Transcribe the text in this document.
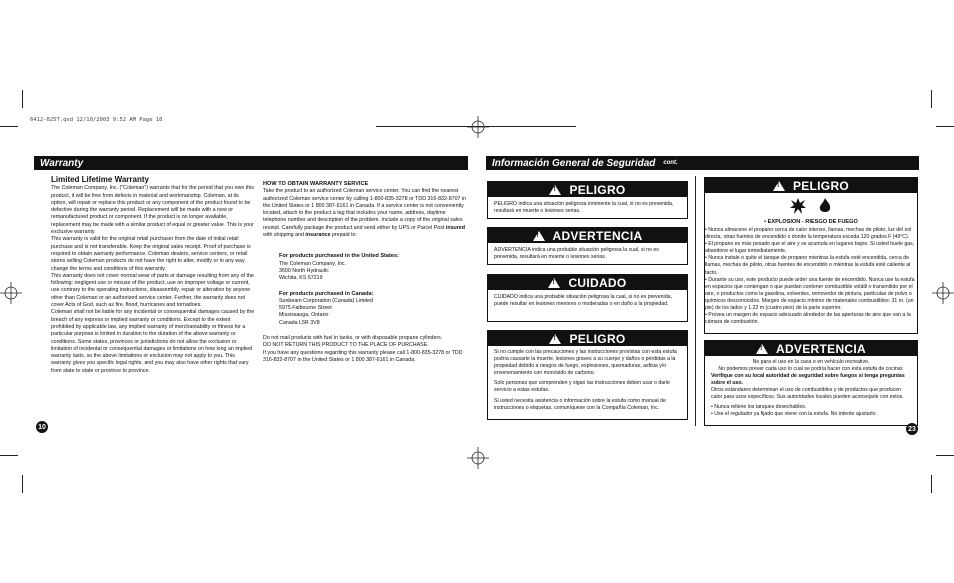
6412-025T.qxd 12/10/2003 9:52 AM Page 10
Warranty
Limited Lifetime Warranty

The Coleman Company, Inc. ("Coleman") warrants that for the period that you own this product, it will be free from defects in material and workmanship. Coleman, at its option, will repair or replace this product or any component of the product found to be defective during the warranty period. Replacement will be made with a new or remanufactured product or component. If the product is no longer available, replacement may be made with a similar product of equal or greater value. This is your exclusive warranty.

This warranty is valid for the original retail purchaser from the date of initial retail purchase and is not transferable. Keep the original sales receipt. Proof of purchase is required to obtain warranty performance. Coleman dealers, service centers, or retail stores selling Coleman products do not have the right to alter, modify or in any way change the terms and conditions of this warranty.

This warranty does not cover normal wear of parts or damage resulting from any of the following: negligent use or misuse of the product, use on improper voltage or current, use contrary to the operating instructions, disassembly, repair or alteration by anyone other than Coleman or an authorized service center. Further, the warranty does not cover Acts of God, such as fire, flood, hurricanes and tornadoes.

Coleman shall not be liable for any incidental or consequential damages caused by the breach of any express or implied warranty or conditions. Except to the extent prohibited by applicable law, any implied warranty of merchantability or fitness for a particular purpose is limited in duration to the duration of the above warranty or conditions. Some states, provinces or jurisdictions do not allow the exclusion or limitation of incidental or consequential damages or limitations on how long an implied warranty lasts, so the above limitations or exclusion may not apply to you. This warranty gives you specific legal rights, and you may also have other rights that vary from state to state or province to province.

HOW TO OBTAIN WARRANTY SERVICE

Take the product to an authorized Coleman service center. You can find the nearest authorized Coleman service center by calling 1-800-835-3278 or TDD 316-832-8707 in the United States or 1 800 387-6161 in Canada. If a service center is not conveniently located, attach to the product a tag that includes your name, address, daytime telephone number and description of the problem. Include a copy of the original sales receipt. Carefully package the product and send either by UPS or Parcel Post insured with shipping and insurance prepaid to:

For products purchased in the United States:
The Coleman Company, Inc.
3600 North Hydraulic
Wichita, KS 67219
For products purchased in Canada:
Sunbeam Corporation (Canada) Limited
5975 Falbourne Street
Mississauga, Ontario
Canada L5R 3V8

Do not mail products with fuel in tanks, or with disposable propane cylinders.

DO NOT RETURN THIS PRODUCT TO THE PLACE OF PURCHASE.

If you have any questions regarding this warranty please call 1-800-835-3278 or TDD 316-832-8707 in the United States or 1 800 387-6161 in Canada.

10
Información General de Seguridad cont.
!
PELIGRO
PELIGRO indica una situación peligrosa inminente la cual, si no es prevenida, resultará en muerte o lesiones serias.
!
ADVERTENCIA
ADVERTENCIA indica una probable situación peligrosa la cual, si no es prevenida, resultará en muerte o lesiones serias.
!
CUIDADO
CUIDADO indica una probable situación peligrosa la cual, si no es prevenida, puede resultar en lesiones menores o moderadas o en daño a la propiedad.
!
PELIGRO
Si no cumple con las precauciones y las instrucciones provistas con esta estufa podría causarle la muerte, lesiones graves a su cuerpo y daños o pérdidas a la propiedad debido a riesgos de fuego, explosiones, quemaduras, asfixia y/o envenenamiento con monóxido de carbono.
Solo personas que comprenden y sigan las instrucciones deben usar o darle servicio a estas estufas.
Si usted necesita asistencia o información sobre la estufa como manual de instrucciones o etiquetas, comuníquese con la Compañía Coleman, Inc.
!
PELIGRO
• EXPLOSION - RIESGO DE FUEGO
• Nunca almacene el propano cerca de calor intenso, llamas, mechas de piloto, luz del sol directa, otras fuentes de encendido o donde la temperatura exceda 120 grados F (49°C).
• El propano es más pesado que el aire y se acumula en lugares bajos. Si usted huele gas, abandone el lugar inmediatamente.
• Nunca instale o quite el tanque de propano mientras la estufa esté encendida, cerca de llamas, mechas de piloto, otras fuentes de encendido o mientras la estufa esté caliente al tacto.
• Durante su uso, este producto puede arder una fuente de encendido. Nunca use la estufa en espacios que contengan o que puedan contener combustible volátil o transmitido por el aire, o productos como la gasolina, solventes, removedor de pintura, partículas de polvo o químicos desconocidos. Margen de espacio mínimo de materiales combustibles: 31 m. (un pie) de los lados y 1.22 m (cuatro pies) de la parte superior.
• Provea un margen de espacio adecuado alrededor de las aperturas de aire que van a la cámara de combustión.
!
ADVERTENCIA
No para el uso en la casa o en vehículo recreativo.
No podemos prever cada uso lo cual se podría hacer con esta estufa de cocinar.
Verifique con su local autoridad de seguridad sobre fuegos si tenga preguntas sobre el uso.
Otros estándares determinan el uso de combustibles y de productos que producen calor para usos específicos. Sus autoridades locales pueden aconsejarle con estos.
• Nunca rellene los tanques desechables.
• Use el regulador ya fijado que viene con la estufa. No intente ajustarlo.
23
